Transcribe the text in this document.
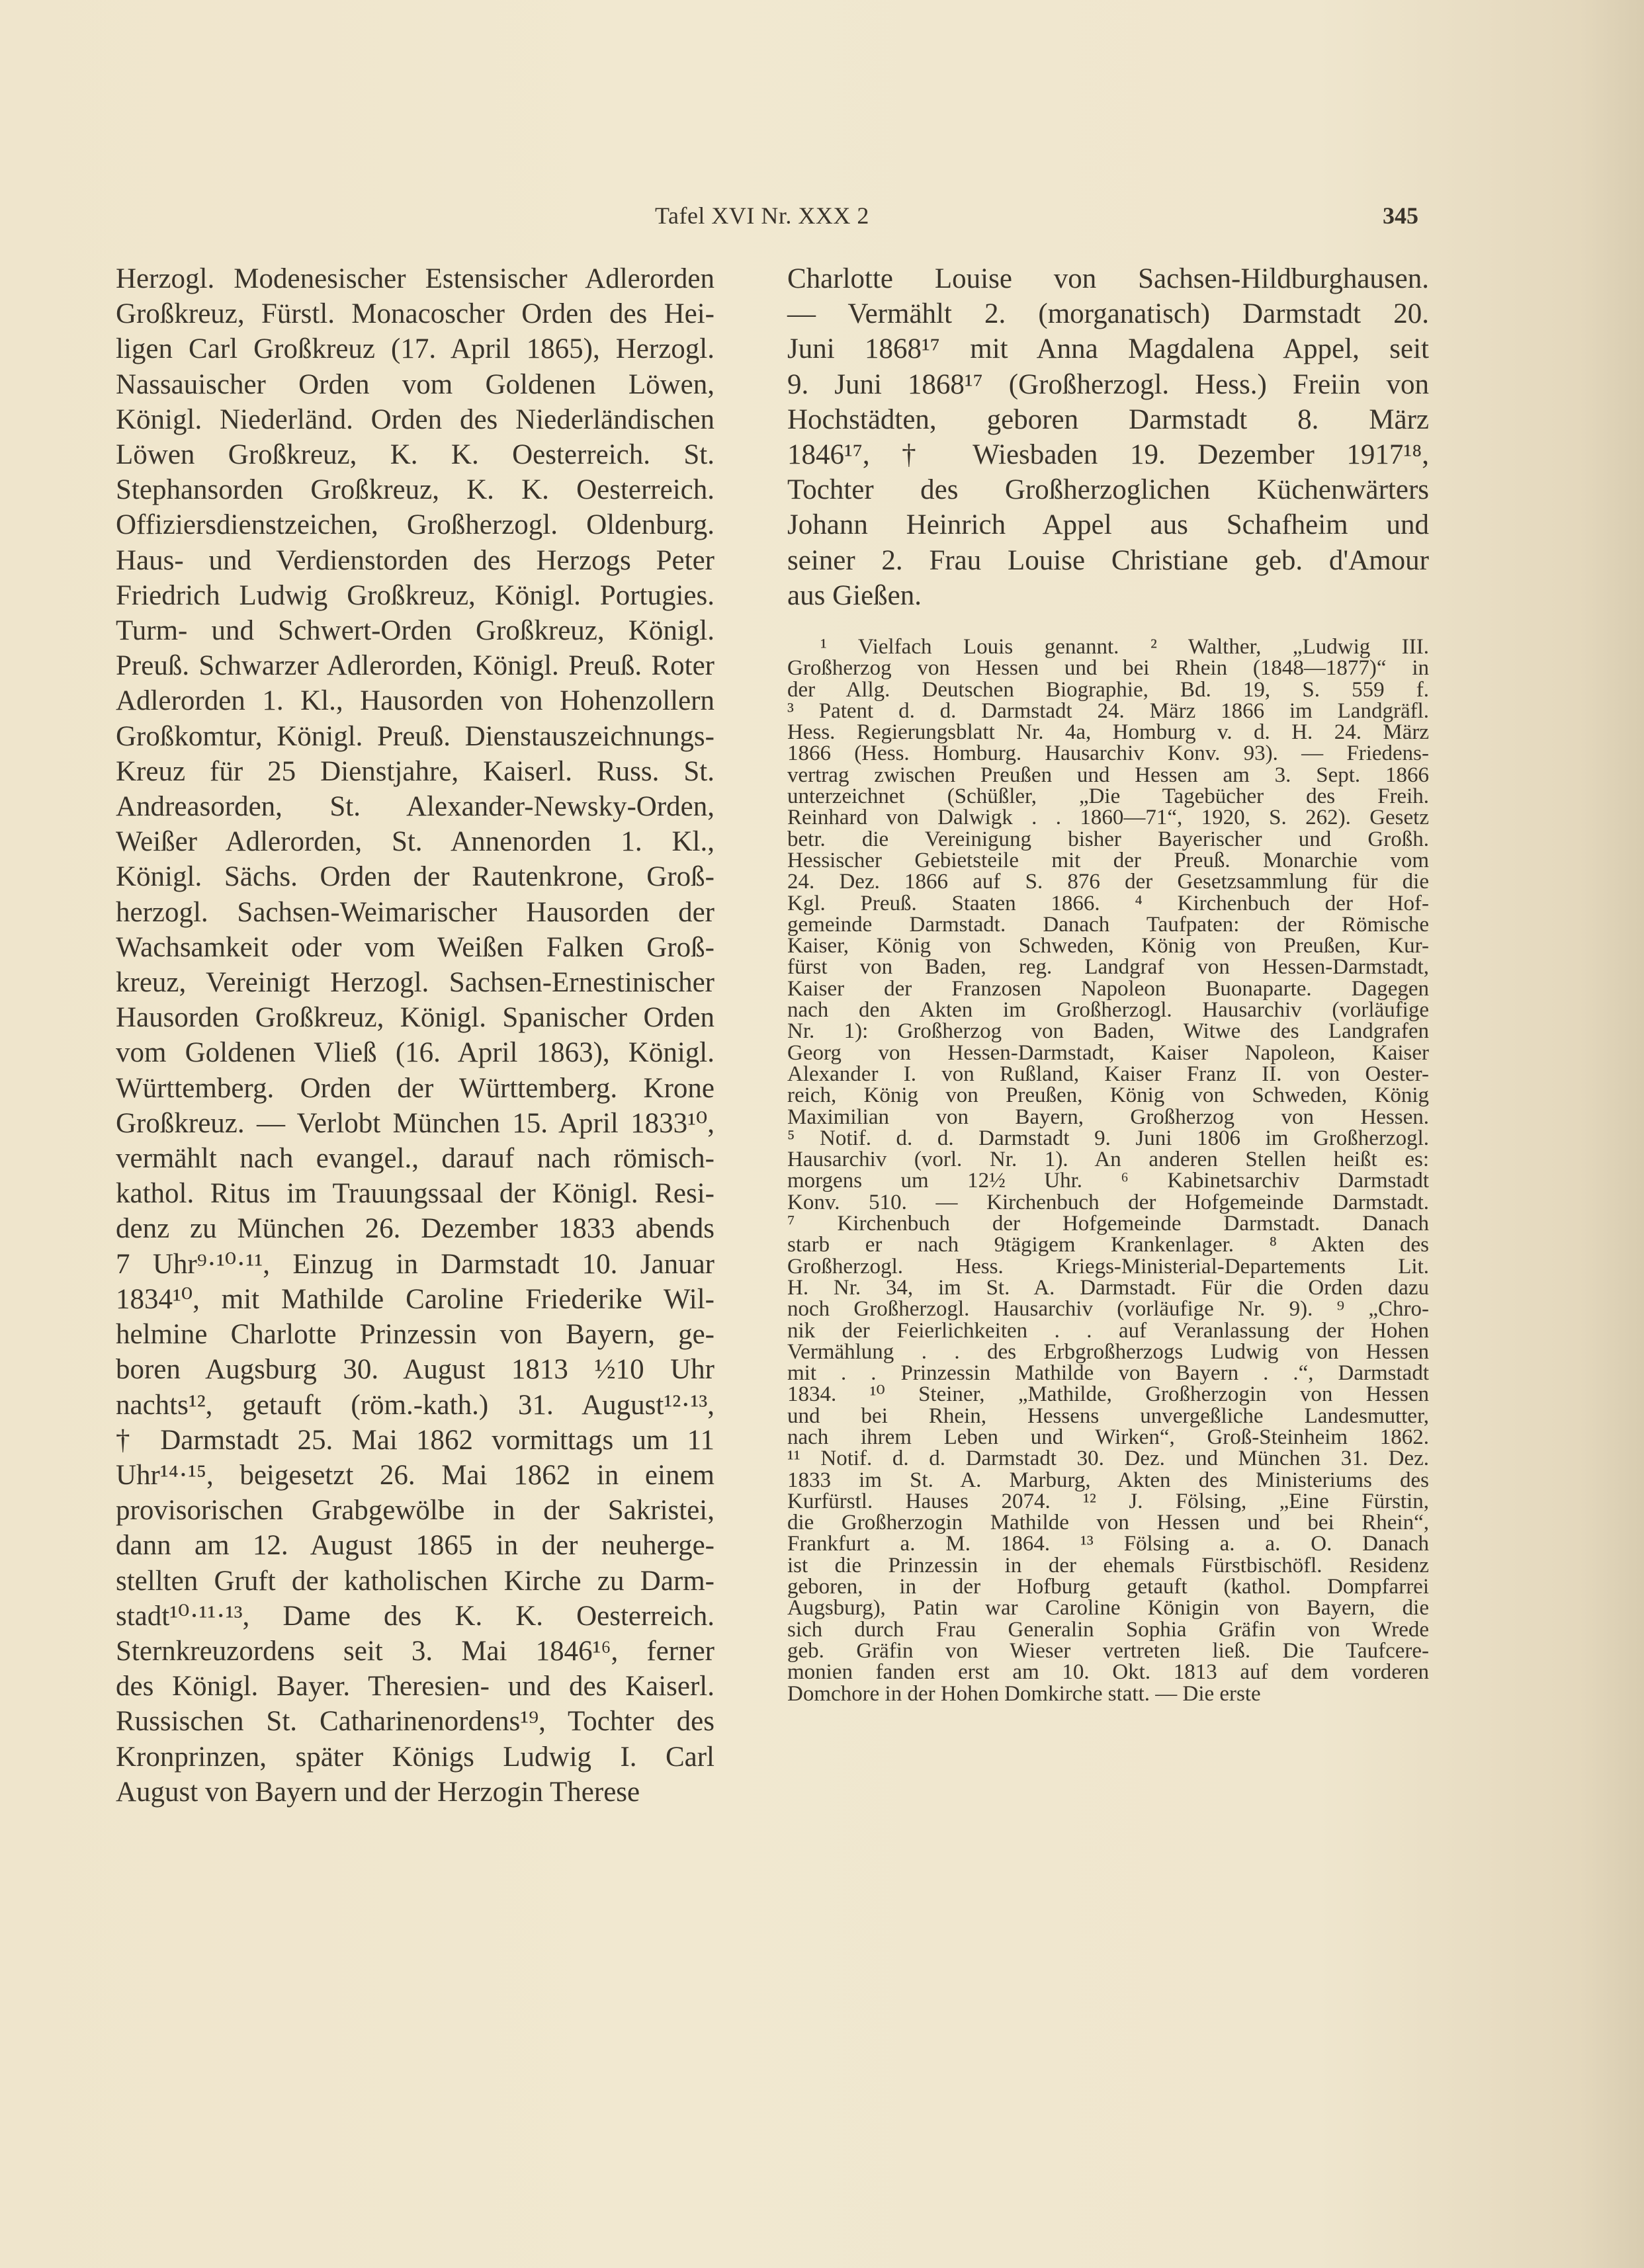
Tafel XVI Nr. XXX 2	345
Herzogl. Modenesischer Estensischer Adlerorden
Großkreuz, Fürstl. Monacoscher Orden des Hei-
ligen Carl Großkreuz (17. April 1865), Herzogl.
Nassauischer Orden vom Goldenen Löwen,
Königl. Niederländ. Orden des Niederländischen
Löwen Großkreuz, K. K. Oesterreich. St.
Stephansorden Großkreuz, K. K. Oesterreich.
Offiziersdienstzeichen, Großherzogl. Oldenburg.
Haus- und Verdienstorden des Herzogs Peter
Friedrich Ludwig Großkreuz, Königl. Portugies.
Turm- und Schwert-Orden Großkreuz, Königl.
Preuß. Schwarzer Adlerorden, Königl. Preuß. Roter
Adlerorden 1. Kl., Hausorden von Hohenzollern
Großkomtur, Königl. Preuß. Dienstauszeichnungs-
Kreuz für 25 Dienstjahre, Kaiserl. Russ. St.
Andreasorden, St. Alexander-Newsky-Orden,
Weißer Adlerorden, St. Annenorden 1. Kl.,
Königl. Sächs. Orden der Rautenkrone, Groß-
herzogl. Sachsen-Weimarischer Hausorden der
Wachsamkeit oder vom Weißen Falken Groß-
kreuz, Vereinigt Herzogl. Sachsen-Ernestinischer
Hausorden Großkreuz, Königl. Spanischer Orden
vom Goldenen Vließ (16. April 1863), Königl.
Württemberg. Orden der Württemberg. Krone
Großkreuz. — Verlobt München 15. April 1833¹⁰,
vermählt nach evangel., darauf nach römisch-
kathol. Ritus im Trauungssaal der Königl. Resi-
denz zu München 26. Dezember 1833 abends
7 Uhr⁹·¹⁰·¹¹, Einzug in Darmstadt 10. Januar
1834¹⁰, mit Mathilde Caroline Friederike Wil-
helmine Charlotte Prinzessin von Bayern, ge-
boren Augsburg 30. August 1813 ½10 Uhr
nachts¹², getauft (röm.-kath.) 31. August¹²·¹³,
† Darmstadt 25. Mai 1862 vormittags um 11
Uhr¹⁴·¹⁵, beigesetzt 26. Mai 1862 in einem
provisorischen Grabgewölbe in der Sakristei,
dann am 12. August 1865 in der neuherge-
stellten Gruft der katholischen Kirche zu Darm-
stadt¹⁰·¹¹·¹³, Dame des K. K. Oesterreich.
Sternkreuzordens seit 3. Mai 1846¹⁶, ferner
des Königl. Bayer. Theresien- und des Kaiserl.
Russischen St. Catharinenordens¹⁹, Tochter des
Kronprinzen, später Königs Ludwig I. Carl
August von Bayern und der Herzogin Therese
Charlotte Louise von Sachsen-Hildburghausen.
— Vermählt 2. (morganatisch) Darmstadt 20.
Juni 1868¹⁷ mit Anna Magdalena Appel, seit
9. Juni 1868¹⁷ (Großherzogl. Hess.) Freiin von
Hochstädten, geboren Darmstadt 8. März
1846¹⁷, † Wiesbaden 19. Dezember 1917¹⁸,
Tochter des Großherzoglichen Küchenwärters
Johann Heinrich Appel aus Schafheim und
seiner 2. Frau Louise Christiane geb. d'Amour
aus Gießen.
¹ Vielfach Louis genannt. ² Walther, „Ludwig III.
Großherzog von Hessen und bei Rhein (1848—1877)“ in
der Allg. Deutschen Biographie, Bd. 19, S. 559 f.
³ Patent d. d. Darmstadt 24. März 1866 im Landgräfl.
Hess. Regierungsblatt Nr. 4a, Homburg v. d. H. 24. März
1866 (Hess. Homburg. Hausarchiv Konv. 93). — Friedens-
vertrag zwischen Preußen und Hessen am 3. Sept. 1866
unterzeichnet (Schüßler, „Die Tagebücher des Freih.
Reinhard von Dalwigk . . 1860—71“, 1920, S. 262). Gesetz
betr. die Vereinigung bisher Bayerischer und Großh.
Hessischer Gebietsteile mit der Preuß. Monarchie vom
24. Dez. 1866 auf S. 876 der Gesetzsammlung für die
Kgl. Preuß. Staaten 1866. ⁴ Kirchenbuch der Hof-
gemeinde Darmstadt. Danach Taufpaten: der Römische
Kaiser, König von Schweden, König von Preußen, Kur-
fürst von Baden, reg. Landgraf von Hessen-Darmstadt,
Kaiser der Franzosen Napoleon Buonaparte. Dagegen
nach den Akten im Großherzogl. Hausarchiv (vorläufige
Nr. 1): Großherzog von Baden, Witwe des Landgrafen
Georg von Hessen-Darmstadt, Kaiser Napoleon, Kaiser
Alexander I. von Rußland, Kaiser Franz II. von Oester-
reich, König von Preußen, König von Schweden, König
Maximilian von Bayern, Großherzog von Hessen.
⁵ Notif. d. d. Darmstadt 9. Juni 1806 im Großherzogl.
Hausarchiv (vorl. Nr. 1). An anderen Stellen heißt es:
morgens um 12½ Uhr. ⁶ Kabinetsarchiv Darmstadt
Konv. 510. — Kirchenbuch der Hofgemeinde Darmstadt.
⁷ Kirchenbuch der Hofgemeinde Darmstadt. Danach
starb er nach 9tägigem Krankenlager. ⁸ Akten des
Großherzogl. Hess. Kriegs-Ministerial-Departements Lit.
H. Nr. 34, im St. A. Darmstadt. Für die Orden dazu
noch Großherzogl. Hausarchiv (vorläufige Nr. 9). ⁹ „Chro-
nik der Feierlichkeiten . . auf Veranlassung der Hohen
Vermählung . . des Erbgroßherzogs Ludwig von Hessen
mit . . Prinzessin Mathilde von Bayern . .“, Darmstadt
1834. ¹⁰ Steiner, „Mathilde, Großherzogin von Hessen
und bei Rhein, Hessens unvergeßliche Landesmutter,
nach ihrem Leben und Wirken“, Groß-Steinheim 1862.
¹¹ Notif. d. d. Darmstadt 30. Dez. und München 31. Dez.
1833 im St. A. Marburg, Akten des Ministeriums des
Kurfürstl. Hauses 2074. ¹² J. Fölsing, „Eine Fürstin,
die Großherzogin Mathilde von Hessen und bei Rhein“,
Frankfurt a. M. 1864. ¹³ Fölsing a. a. O. Danach
ist die Prinzessin in der ehemals Fürstbischöfl. Residenz
geboren, in der Hofburg getauft (kathol. Dompfarrei
Augsburg), Patin war Caroline Königin von Bayern, die
sich durch Frau Generalin Sophia Gräfin von Wrede
geb. Gräfin von Wieser vertreten ließ. Die Taufcere-
monien fanden erst am 10. Okt. 1813 auf dem vorderen
Domchore in der Hohen Domkirche statt. — Die erste
